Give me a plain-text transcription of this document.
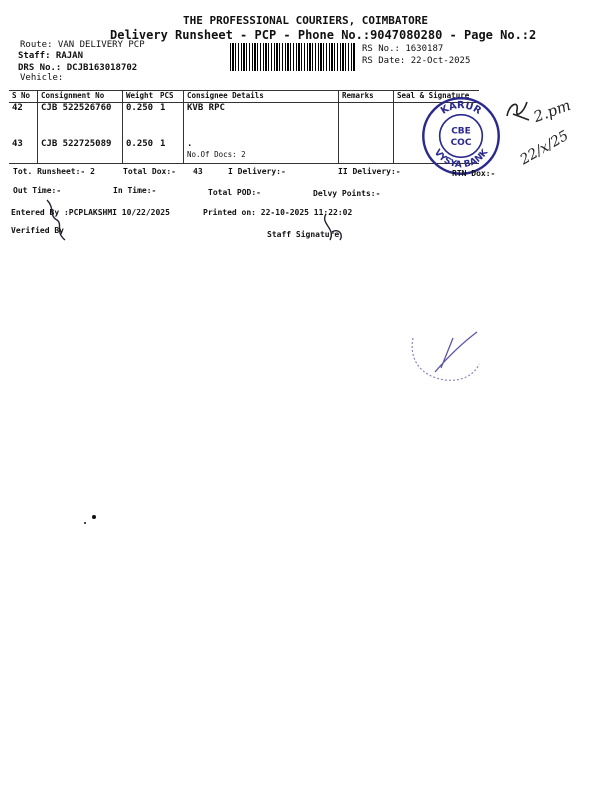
THE PROFESSIONAL COURIERS, COIMBATORE
Delivery Runsheet - PCP - Phone No.:9047080280 - Page No.:2
Route: VAN DELIVERY PCP
Staff: RAJAN
DRS No.: DCJB163018702
Vehicle:
RS No.: 1630187
RS Date: 22-Oct-2025
S No	Consignment No	Weight	PCS	Consignee Details	Remarks	Seal & Signature
42	CJB 522526760	0.250	1	KVB RPC		
43	CJB 522725089	0.250	1	.
No.Of Docs: 2		

KARUR
VYSYA BANK
CBE
COC
2.pm
22/x/25
Tot. Runsheet:- 2	Total Dox:- 43	I Delivery:-	II Delivery:-	RTN Dox:-
Out Time:-	In Time:-	Total POD:-	Delvy Points:-
Entered By :PCPLAKSHMI 10/22/2025	Printed on: 22-10-2025 11:22:02
Verified By	Staff Signature
